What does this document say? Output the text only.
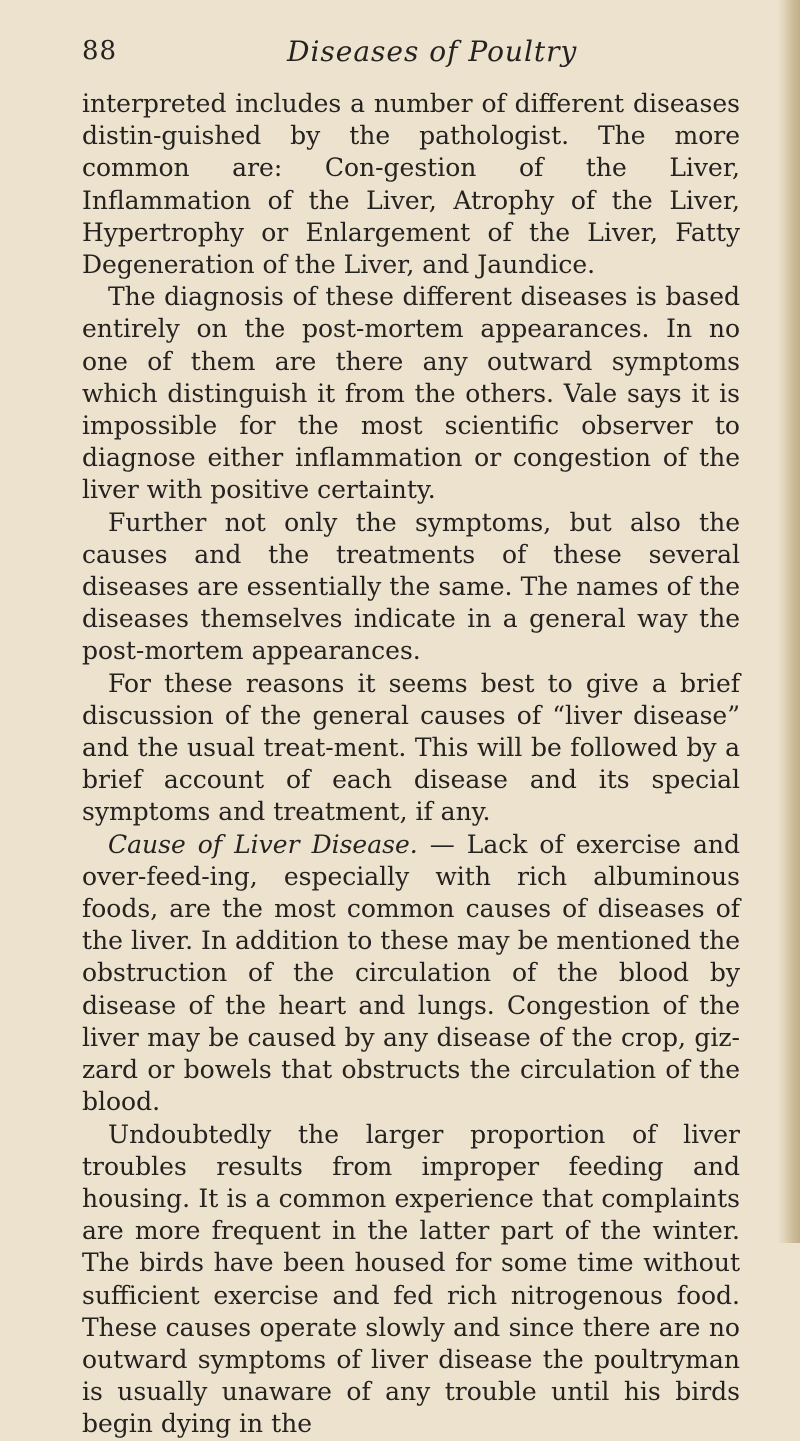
88	Diseases of Poultry

interpreted includes a number of different diseases distin-guished by the pathologist. The more common are: Con-gestion of the Liver, Inflammation of the Liver, Atrophy of the Liver, Hypertrophy or Enlargement of the Liver, Fatty Degeneration of the Liver, and Jaundice.

The diagnosis of these different diseases is based entirely on the post-mortem appearances. In no one of them are there any outward symptoms which distinguish it from the others. Vale says it is impossible for the most scientific observer to diagnose either inflammation or congestion of the liver with positive certainty.

Further not only the symptoms, but also the causes and the treatments of these several diseases are essentially the same. The names of the diseases themselves indicate in a general way the post-mortem appearances.

For these reasons it seems best to give a brief discussion of the general causes of “liver disease” and the usual treat-ment. This will be followed by a brief account of each disease and its special symptoms and treatment, if any.

Cause of Liver Disease. — Lack of exercise and over-feed-ing, especially with rich albuminous foods, are the most common causes of diseases of the liver. In addition to these may be mentioned the obstruction of the circulation of the blood by disease of the heart and lungs. Congestion of the liver may be caused by any disease of the crop, giz-zard or bowels that obstructs the circulation of the blood.

Undoubtedly the larger proportion of liver troubles results from improper feeding and housing. It is a common experience that complaints are more frequent in the latter part of the winter. The birds have been housed for some time without sufficient exercise and fed rich nitrogenous food. These causes operate slowly and since there are no outward symptoms of liver disease the poultryman is usually unaware of any trouble until his birds begin dying in the
